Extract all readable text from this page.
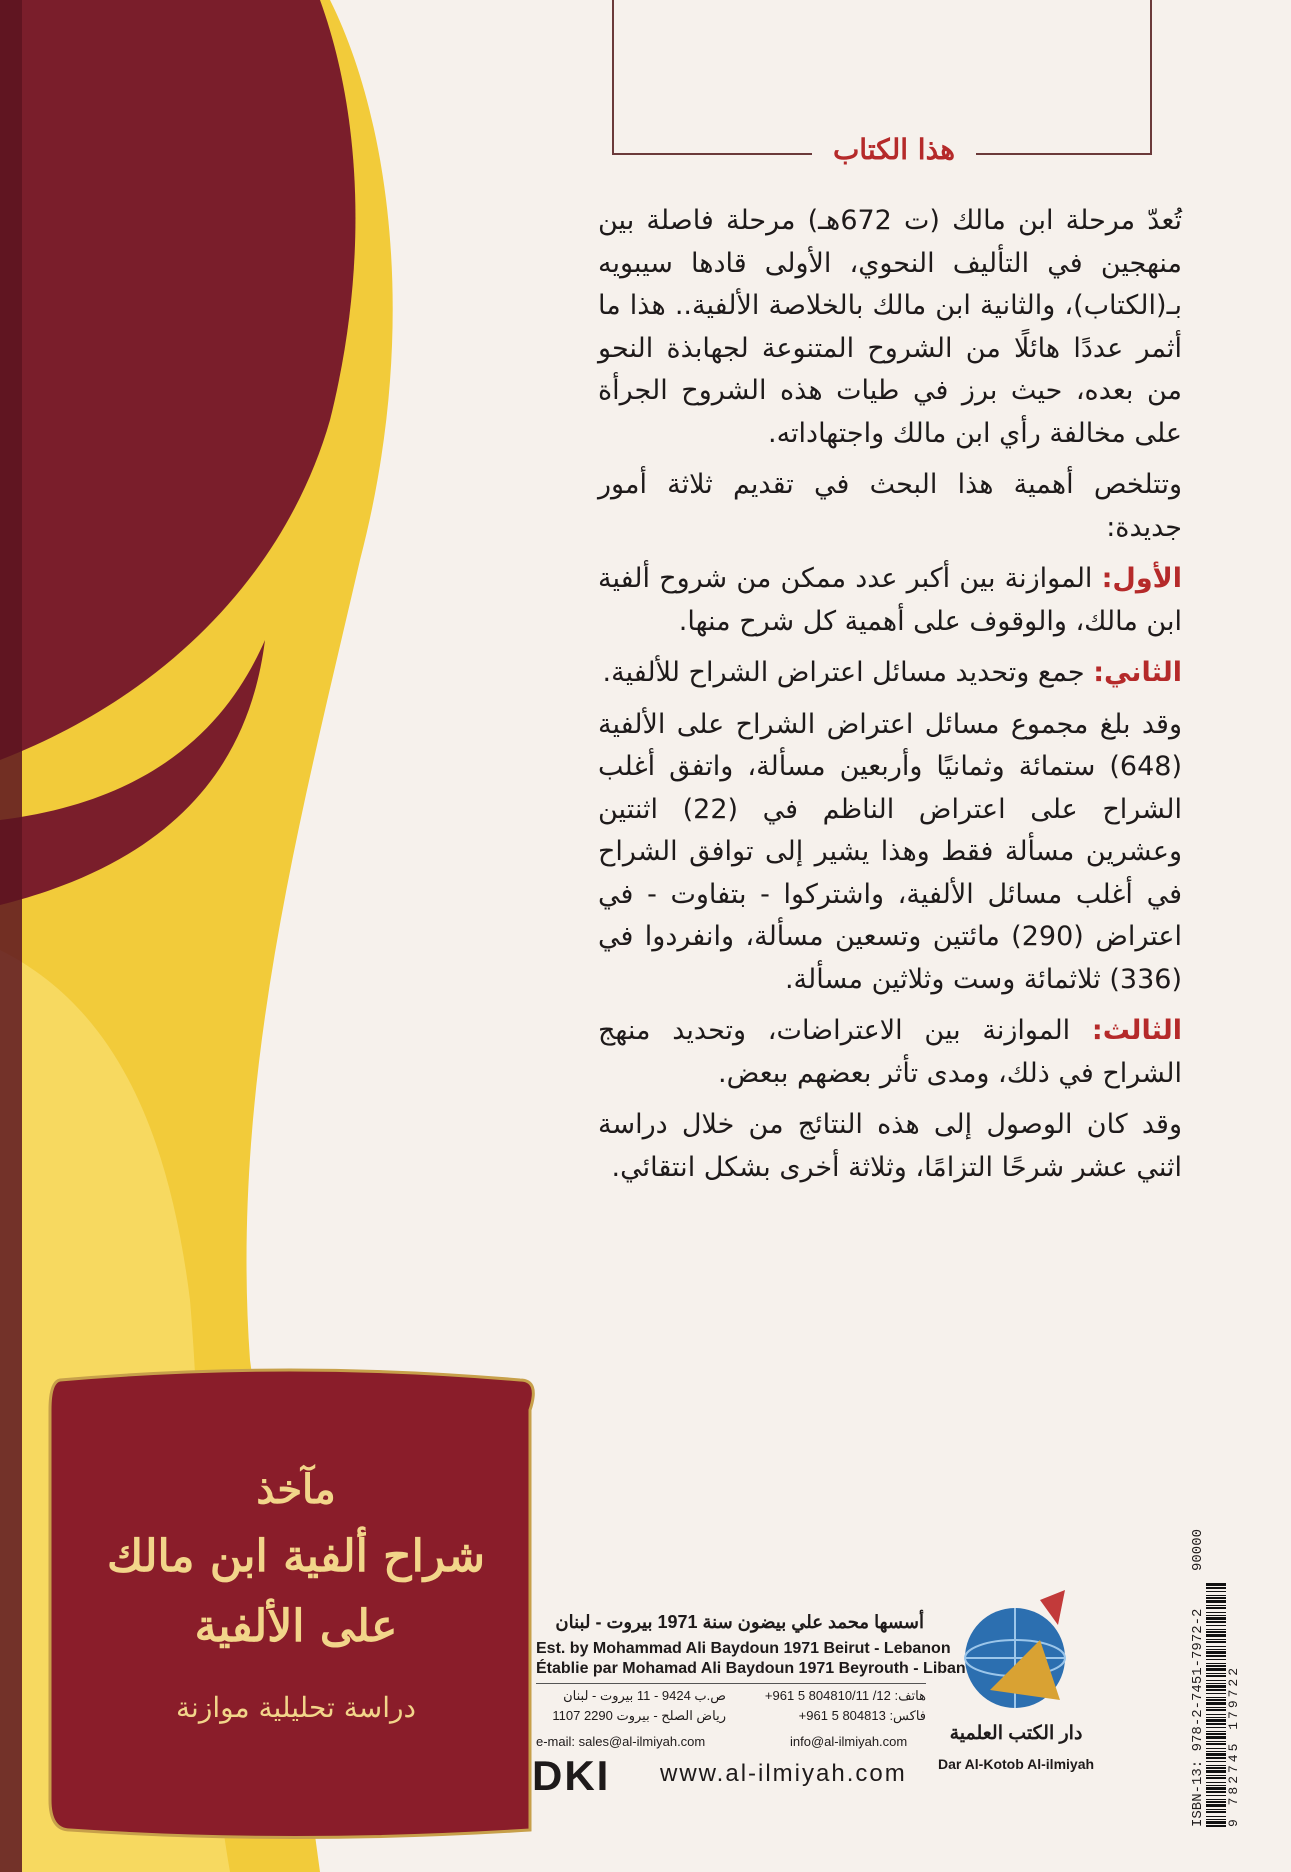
هذا الكتاب

تُعدّ مرحلة ابن مالك (ت 672هـ) مرحلة فاصلة بين منهجين في التأليف النحوي، الأولى قادها سيبويه بـ(الكتاب)، والثانية ابن مالك بالخلاصة الألفية.. هذا ما أثمر عددًا هائلًا من الشروح المتنوعة لجهابذة النحو من بعده، حيث برز في طيات هذه الشروح الجرأة على مخالفة رأي ابن مالك واجتهاداته.

وتتلخص أهمية هذا البحث في تقديم ثلاثة أمور جديدة:

الأول: الموازنة بين أكبر عدد ممكن من شروح ألفية ابن مالك، والوقوف على أهمية كل شرح منها.

الثاني: جمع وتحديد مسائل اعتراض الشراح للألفية.

وقد بلغ مجموع مسائل اعتراض الشراح على الألفية (648) ستمائة وثمانيًا وأربعين مسألة، واتفق أغلب الشراح على اعتراض الناظم في (22) اثنتين وعشرين مسألة فقط وهذا يشير إلى توافق الشراح في أغلب مسائل الألفية، واشتركوا - بتفاوت - في اعتراض (290) مائتين وتسعين مسألة، وانفردوا في (336) ثلاثمائة وست وثلاثين مسألة.

الثالث: الموازنة بين الاعتراضات، وتحديد منهج الشراح في ذلك، ومدى تأثر بعضهم ببعض.

وقد كان الوصول إلى هذه النتائج من خلال دراسة اثني عشر شرحًا التزامًا، وثلاثة أخرى بشكل انتقائي.

مآخذ
شراح ألفية ابن مالك
على الألفية
دراسة تحليلية موازنة
أسسها محمد علي بيضون سنة 1971 بيروت - لبنان
Est. by Mohammad Ali Baydoun 1971 Beirut - Lebanon
Établie par Mohamad Ali Baydoun 1971 Beyrouth - Liban
هاتف: 12/ 804810/11 5 961+
فاكس: 804813 5 961+
ص.ب 9424 - 11 بيروت - لبنان
رياض الصلح - بيروت 2290 1107
e-mail: sales@al-ilmiyah.com	info@al-ilmiyah.com
DKI www.al-ilmiyah.com
دار الكتب العلمية
Dar Al-Kotob Al-ilmiyah	ISBN-13: 978-2-7451-7972-2 9 782745 179722
90000
